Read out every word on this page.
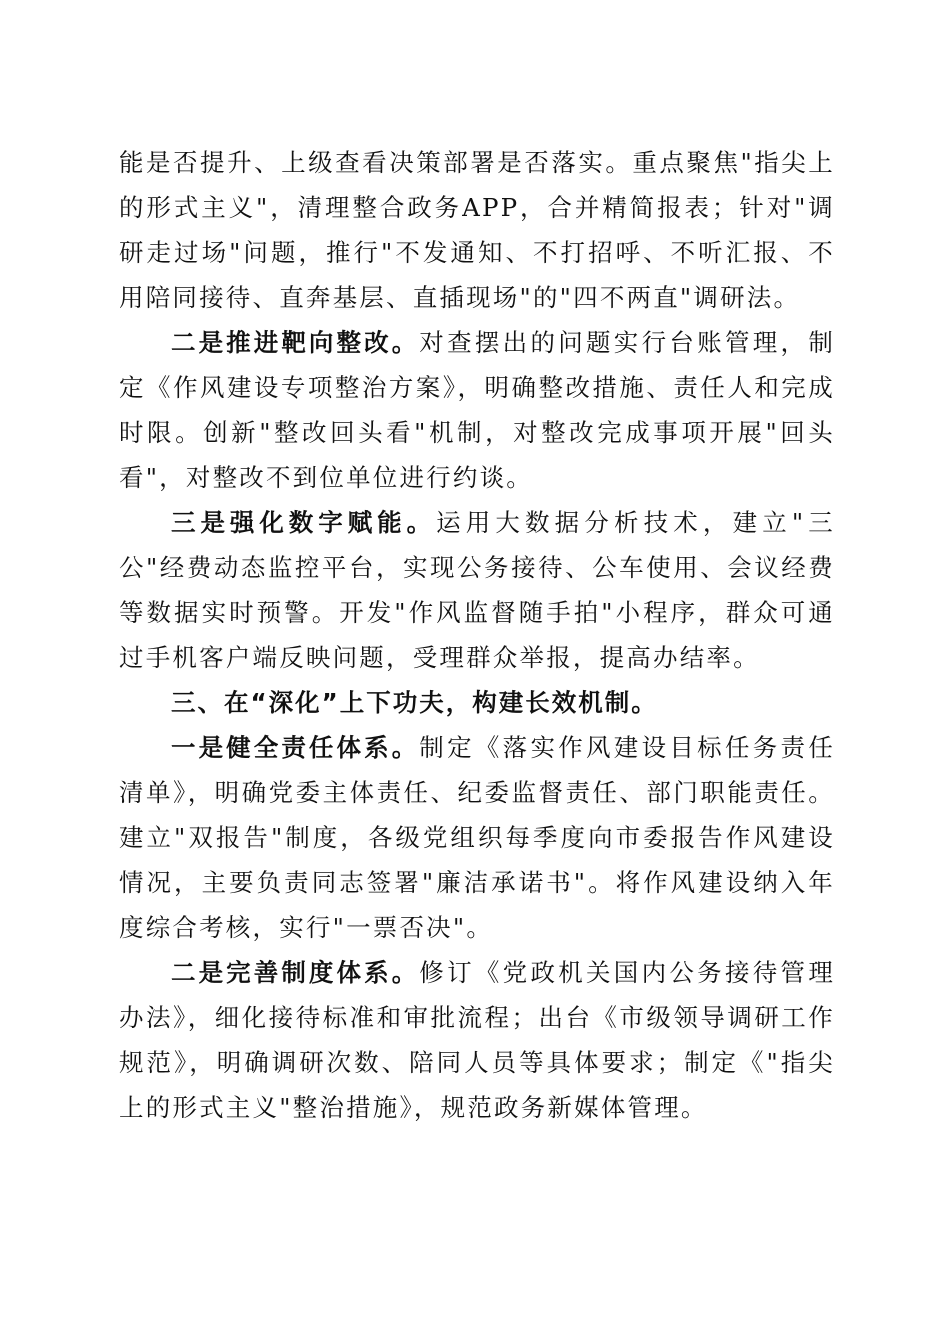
能是否提升、上级查看决策部署是否落实。重点聚焦"指尖上的形式主义"，清理整合政务APP，合并精简报表；针对"调研走过场"问题，推行"不发通知、不打招呼、不听汇报、不用陪同接待、直奔基层、直插现场"的"四不两直"调研法。

二是推进靶向整改。对查摆出的问题实行台账管理，制定《作风建设专项整治方案》，明确整改措施、责任人和完成时限。创新"整改回头看"机制，对整改完成事项开展"回头看"，对整改不到位单位进行约谈。

三是强化数字赋能。运用大数据分析技术，建立"三公"经费动态监控平台，实现公务接待、公车使用、会议经费等数据实时预警。开发"作风监督随手拍"小程序，群众可通过手机客户端反映问题，受理群众举报，提高办结率。

三、在“深化”上下功夫，构建长效机制。

一是健全责任体系。制定《落实作风建设目标任务责任清单》，明确党委主体责任、纪委监督责任、部门职能责任。建立"双报告"制度，各级党组织每季度向市委报告作风建设情况，主要负责同志签署"廉洁承诺书"。将作风建设纳入年度综合考核，实行"一票否决"。

二是完善制度体系。修订《党政机关国内公务接待管理办法》，细化接待标准和审批流程；出台《市级领导调研工作规范》，明确调研次数、陪同人员等具体要求；制定《"指尖上的形式主义"整治措施》，规范政务新媒体管理。
